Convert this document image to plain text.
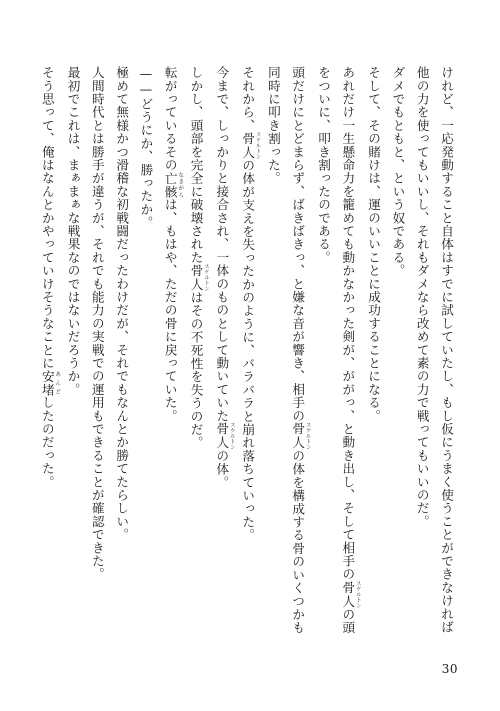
けれど、一応発動すること自体はすでに試していたし、もし仮にうまく使うことができなければ
他の力を使ってもいいし、それもダメなら改めて素の力で戦ってもいいのだ。
ダメでもともと、という奴である。
そして、その賭けは、運のいいことに成功することになる。
あれだけ一生懸命力を籠めても動かなかった剣が、ががっ、と動き出し、そして相手の骨人 スケルトンの頭
をついに、叩き割ったのである。
頭だけにとどまらず、ばきばきっ、と嫌な音が響き、相手の骨人 スケルトンの体を構成する骨のいくつかも
同時に叩き割った。
それから、骨人 スケルトンの体が支えを失ったかのように、バラバラと崩れ落ちていった。
今まで、しっかりと接合され、一体のものとして動いていた骨人 スケルトンの体。
しかし、頭部を完全に破壊された骨人 スケルトンはその不死性を失うのだ。
転がっているその亡骸 なきがらは、もはや、ただの骨に戻っていた。
——どうにか、勝ったか。
極めて無様かつ滑稽な初戦闘だったわけだが、それでもなんとか勝てたらしい。
人間時代とは勝手が違うが、それでも能力の実戦での運用もできることが確認できた。
最初でこれは、まぁまぁな戦果なのではないだろうか。
そう思って、俺はなんとかやっていけそうなことに安堵 あんどしたのだった。
30
